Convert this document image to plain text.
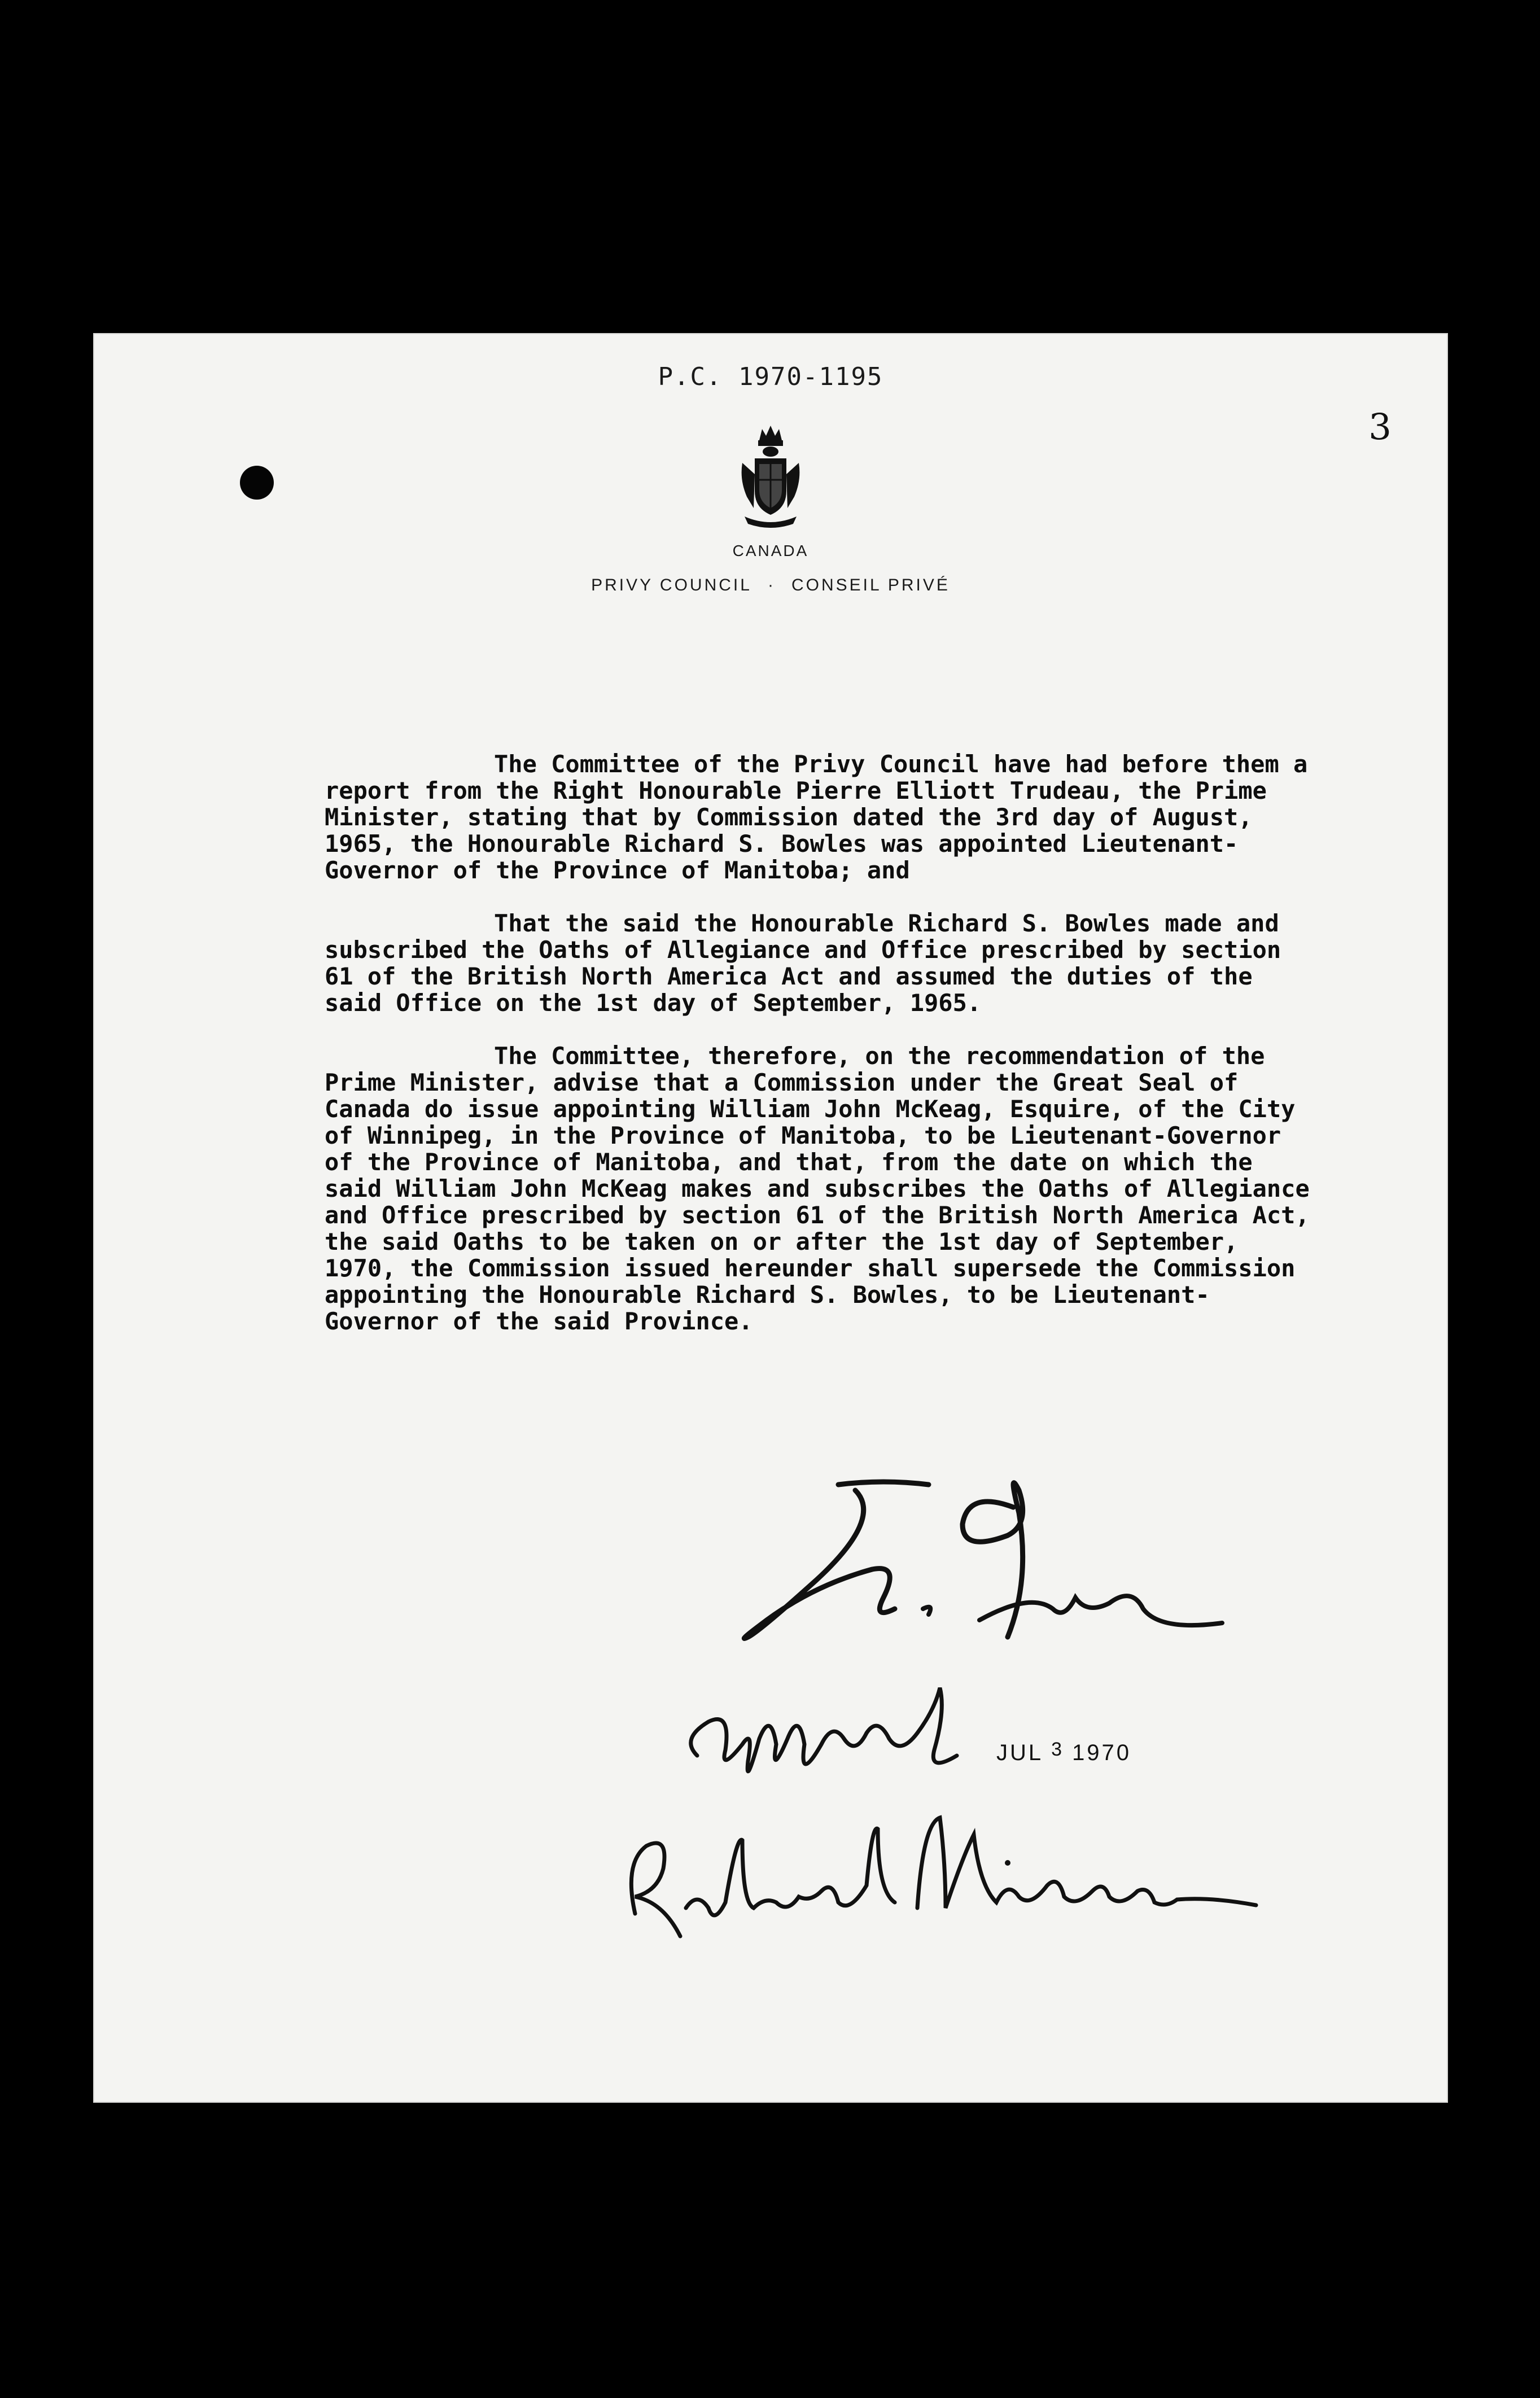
P.C. 1970-1195
3
CANADA
PRIVY COUNCIL · CONSEIL PRIVÉ

The Committee of the Privy Council have had before them a report from the Right Honourable Pierre Elliott Trudeau, the Prime Minister, stating that by Commission dated the 3rd day of August, 1965, the Honourable Richard S. Bowles was appointed Lieutenant-Governor of the Province of Manitoba; and

That the said the Honourable Richard S. Bowles made and subscribed the Oaths of Allegiance and Office prescribed by section 61 of the British North America Act and assumed the duties of the said Office on the 1st day of September, 1965.

The Committee, therefore, on the recommendation of the Prime Minister, advise that a Commission under the Great Seal of Canada do issue appointing William John McKeag, Esquire, of the City of Winnipeg, in the Province of Manitoba, to be Lieutenant-Governor of the Province of Manitoba, and that, from the date on which the said William John McKeag makes and subscribes the Oaths of Allegiance and Office prescribed by section 61 of the British North America Act, the said Oaths to be taken on or after the 1st day of September, 1970, the Commission issued hereunder shall supersede the Commission appointing the Honourable Richard S. Bowles, to be Lieutenant-Governor of the said Province.

JUL $^3$ 1970
